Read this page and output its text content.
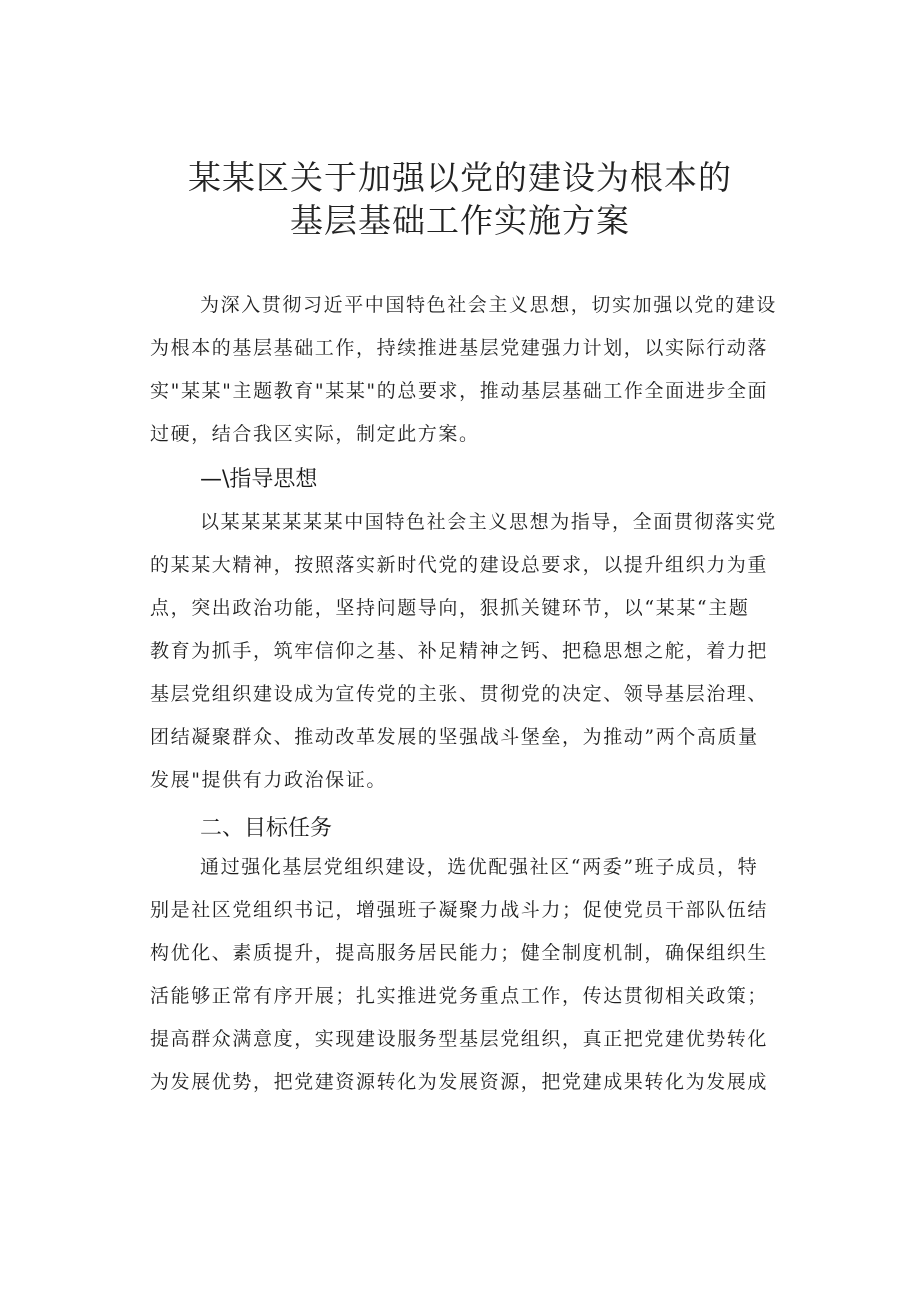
某某区关于加强以党的建设为根本的
基层基础工作实施方案
为深入贯彻习近平中国特色社会主义思想，切实加强以党的建设
为根本的基层基础工作，持续推进基层党建强力计划，以实际行动落
实"某某"主题教育"某某"的总要求，推动基层基础工作全面进步全面
过硬，结合我区实际，制定此方案。
—\指导思想
以某某某某某某中国特色社会主义思想为指导，全面贯彻落实党
的某某大精神，按照落实新时代党的建设总要求，以提升组织力为重
点，突出政治功能，坚持问题导向，狠抓关键环节，以“某某“主题
教育为抓手，筑牢信仰之基、补足精神之钙、把稳思想之舵，着力把
基层党组织建设成为宣传党的主张、贯彻党的决定、领导基层治理、
团结凝聚群众、推动改革发展的坚强战斗堡垒，为推动”两个高质量
发展"提供有力政治保证。
二、目标任务
通过强化基层党组织建设，选优配强社区“两委”班子成员，特
别是社区党组织书记，增强班子凝聚力战斗力；促使党员干部队伍结
构优化、素质提升，提高服务居民能力；健全制度机制，确保组织生
活能够正常有序开展；扎实推进党务重点工作，传达贯彻相关政策；
提高群众满意度，实现建设服务型基层党组织，真正把党建优势转化
为发展优势，把党建资源转化为发展资源，把党建成果转化为发展成
